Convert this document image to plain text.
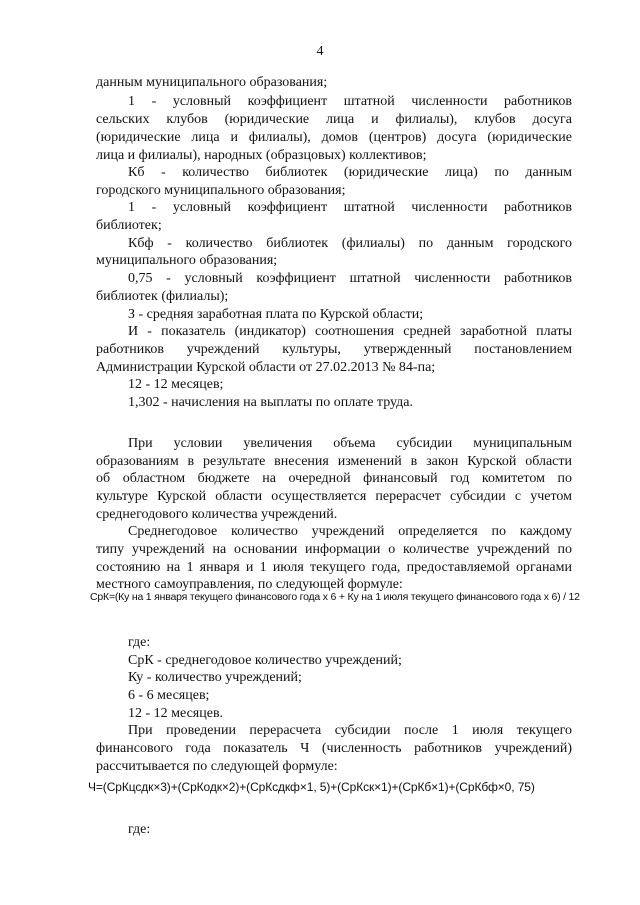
4
данным муниципального образования;
1 - условный коэффициент штатной численности работников
сельских клубов (юридические лица и филиалы), клубов досуга
(юридические лица и филиалы), домов (центров) досуга (юридические
лица и филиалы), народных (образцовых) коллективов;
Кб - количество библиотек (юридические лица) по данным
городского муниципального образования;
1 - условный коэффициент штатной численности работников
библиотек;
Кбф - количество библиотек (филиалы) по данным городского
муниципального образования;
0,75 - условный коэффициент штатной численности работников
библиотек (филиалы);
З - средняя заработная плата по Курской области;
И - показатель (индикатор) соотношения средней заработной платы
работников учреждений культуры, утвержденный постановлением
Администрации Курской области от 27.02.2013 № 84-па;
12 - 12 месяцев;
1,302 - начисления на выплаты по оплате труда.
При условии увеличения объема субсидии муниципальным
образованиям в результате внесения изменений в закон Курской области
об областном бюджете на очередной финансовый год комитетом по
культуре Курской области осуществляется перерасчет субсидии с учетом
среднегодового количества учреждений.
Среднегодовое количество учреждений определяется по каждому
типу учреждений на основании информации о количестве учреждений по
состоянию на 1 января и 1 июля текущего года, предоставляемой органами
местного самоуправления, по следующей формуле:
СрК=(Ку на 1 января текущего финансового года х 6 + Ку на 1 июля текущего финансового года х 6) / 12
где:
СрК - среднегодовое количество учреждений;
Ку - количество учреждений;
6 - 6 месяцев;
12 - 12 месяцев.
При проведении перерасчета субсидии после 1 июля текущего
финансового года показатель Ч (численность работников учреждений)
рассчитывается по следующей формуле:
Ч=(СрКцсдк×3)+(СрКодк×2)+(СрКсдкф×1, 5)+(СрКск×1)+(СрКб×1)+(СрКбф×0, 75)
где:
